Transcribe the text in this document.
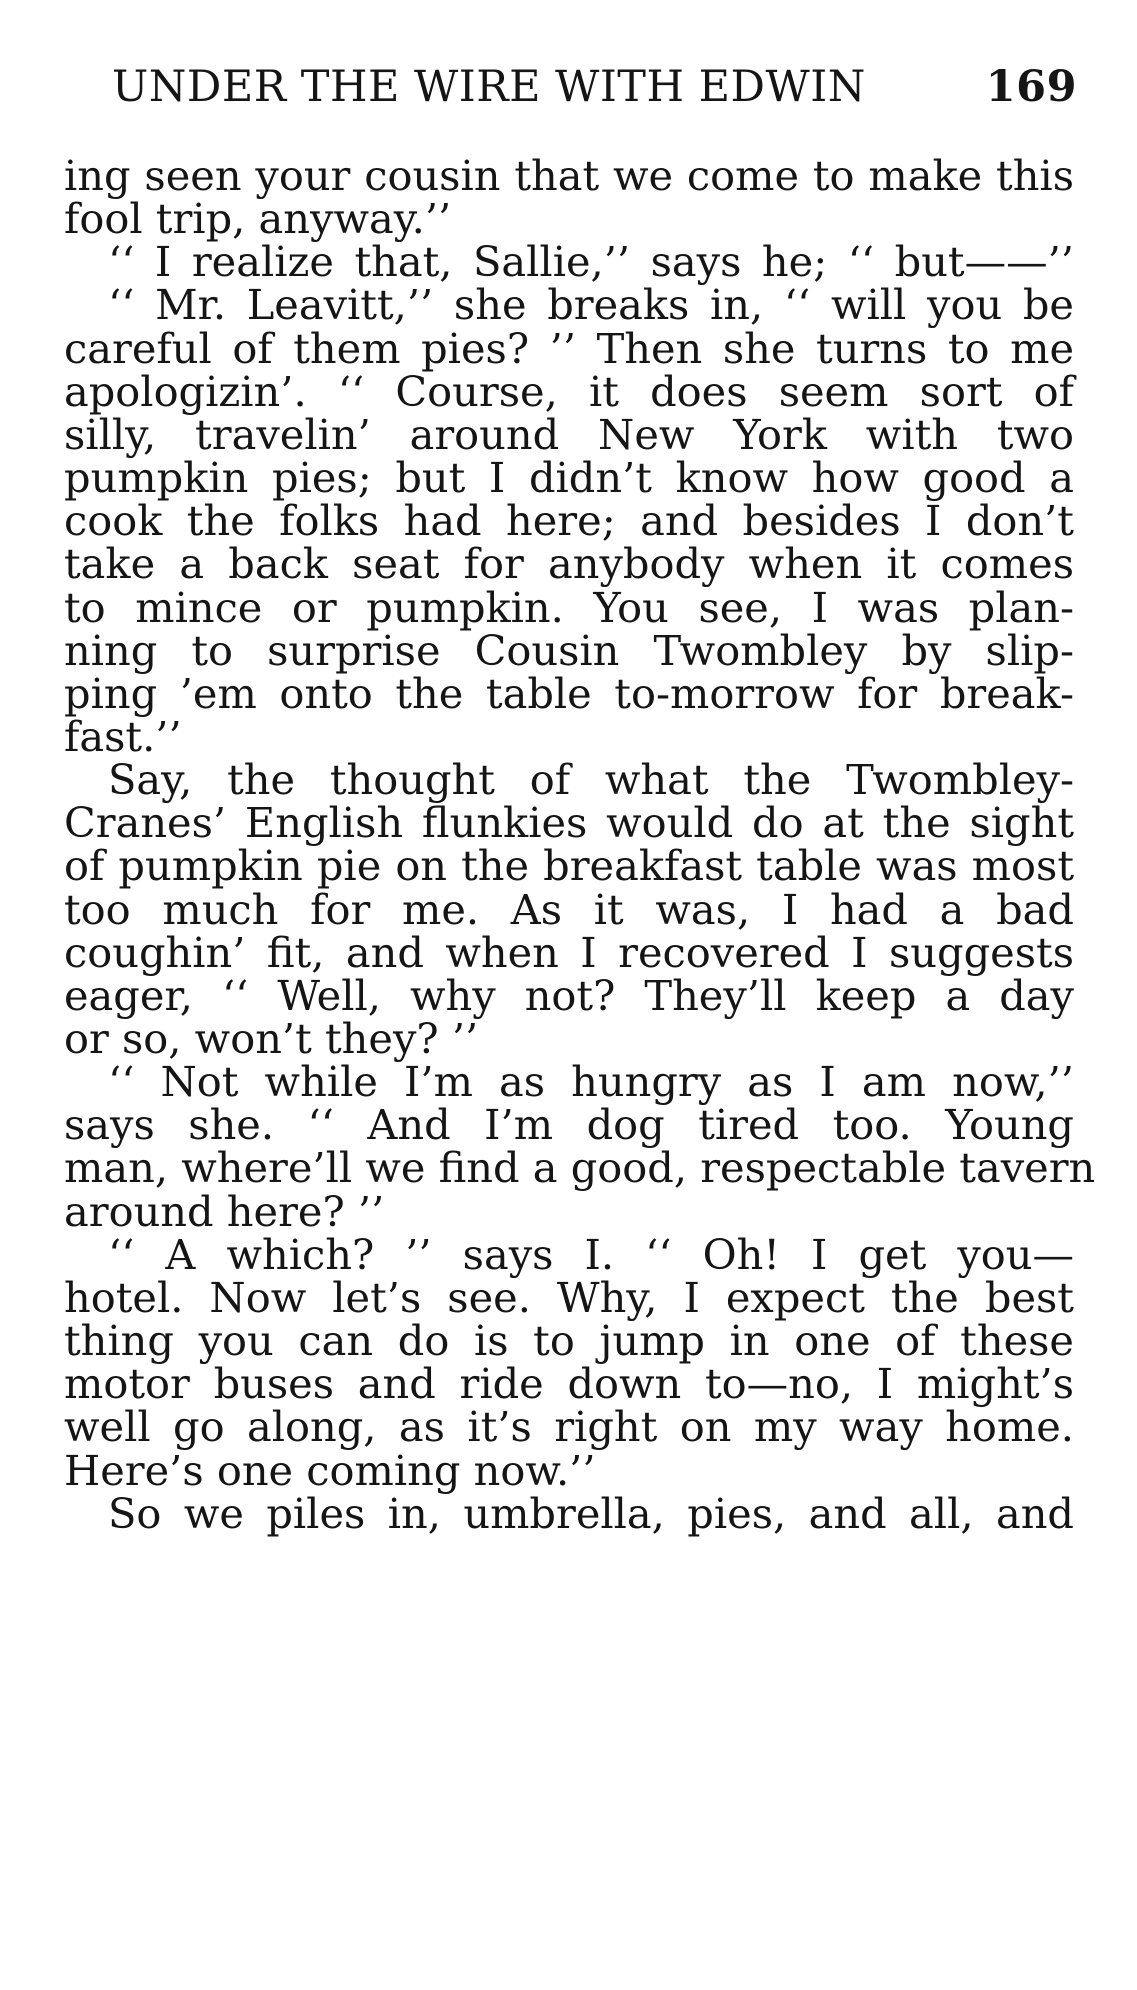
UNDER THE WIRE WITH EDWIN	169
ing seen your cousin that we come to make this
fool trip, anyway.’’
‘‘ I realize that, Sallie,’’ says he; ‘‘ but——’’
‘‘ Mr. Leavitt,’’ she breaks in, ‘‘ will you be
careful of them pies? ’’ Then she turns to me
apologizin’. ‘‘ Course, it does seem sort of
silly, travelin’ around New York with two
pumpkin pies; but I didn’t know how good a
cook the folks had here; and besides I don’t
take a back seat for anybody when it comes
to mince or pumpkin. You see, I was plan-
ning to surprise Cousin Twombley by slip-
ping ’em onto the table to-morrow for break-
fast.’’
Say, the thought of what the Twombley-
Cranes’ English flunkies would do at the sight
of pumpkin pie on the breakfast table was most
too much for me. As it was, I had a bad
coughin’ fit, and when I recovered I suggests
eager, ‘‘ Well, why not? They’ll keep a day
or so, won’t they? ’’
‘‘ Not while I’m as hungry as I am now,’’
says she. ‘‘ And I’m dog tired too. Young
man, where’ll we find a good, respectable tavern
around here? ’’
‘‘ A which? ’’ says I. ‘‘ Oh! I get you—
hotel. Now let’s see. Why, I expect the best
thing you can do is to jump in one of these
motor buses and ride down to—no, I might’s
well go along, as it’s right on my way home.
Here’s one coming now.’’
So we piles in, umbrella, pies, and all, and
